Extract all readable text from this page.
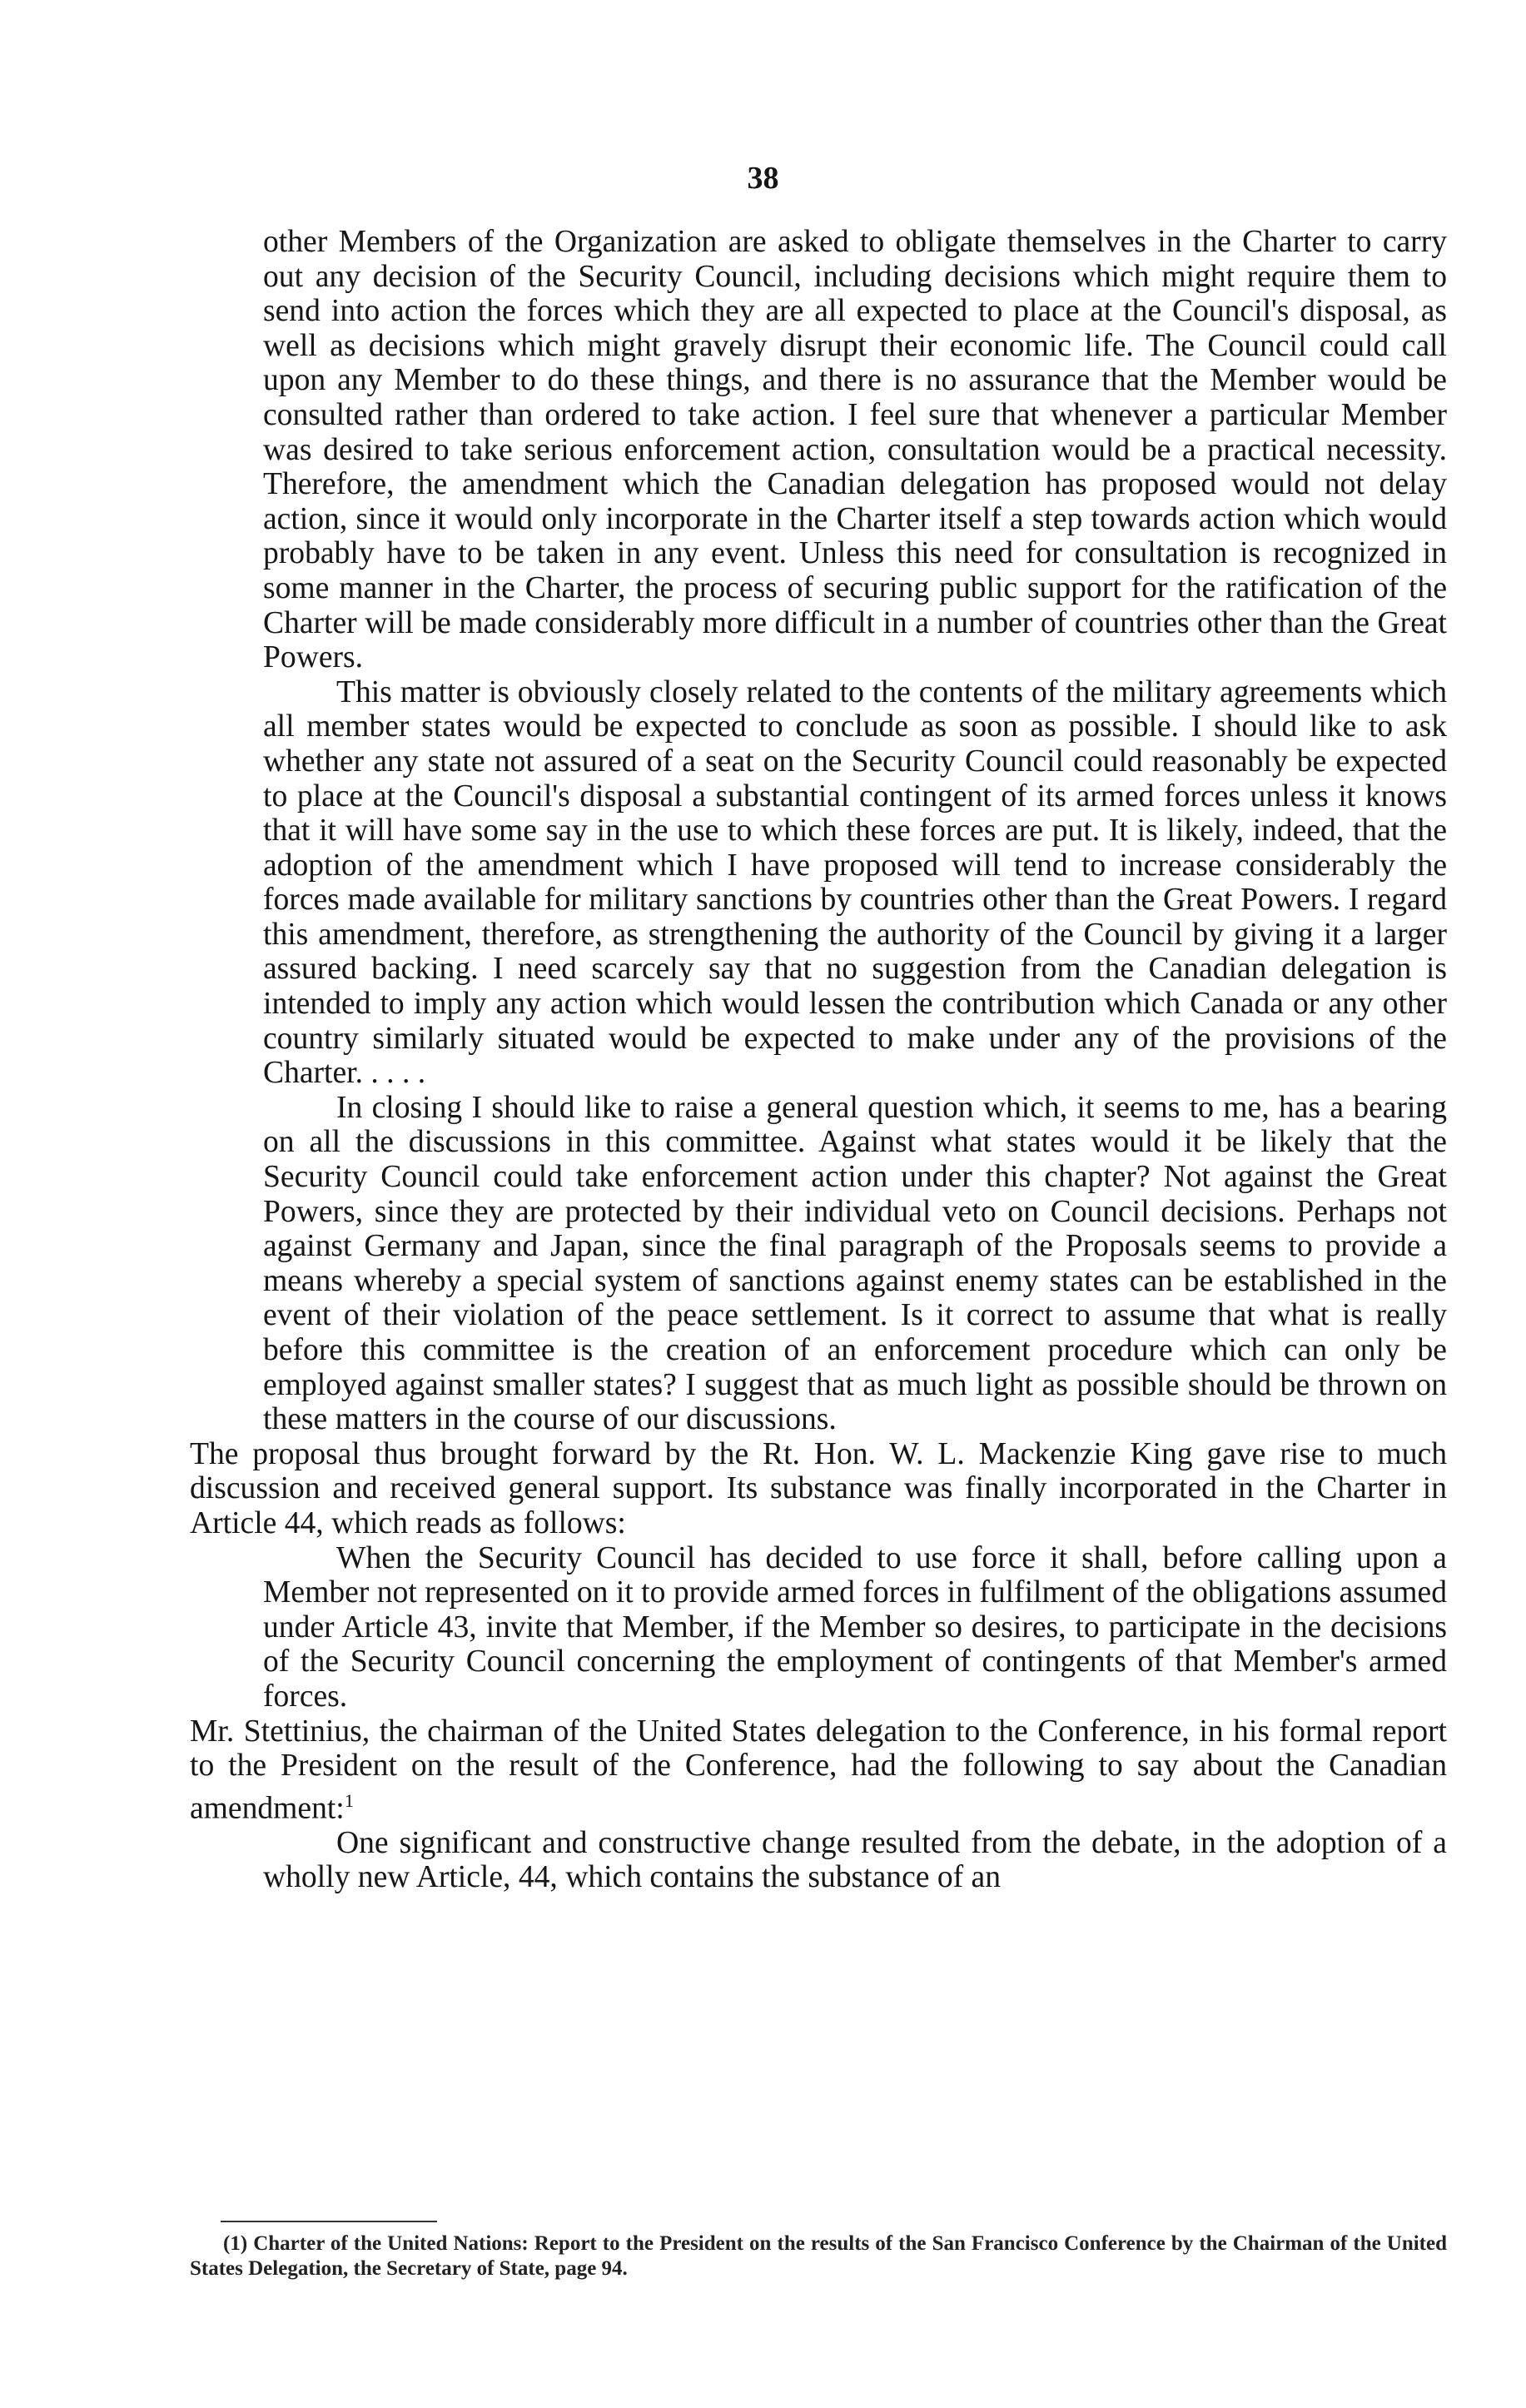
38

other Members of the Organization are asked to obligate themselves in the Charter to carry out any decision of the Security Council, including decisions which might require them to send into action the forces which they are all expected to place at the Council's disposal, as well as decisions which might gravely disrupt their economic life. The Council could call upon any Member to do these things, and there is no assurance that the Member would be consulted rather than ordered to take action. I feel sure that whenever a particular Member was desired to take serious enforcement action, consultation would be a practical necessity. Therefore, the amendment which the Canadian delegation has proposed would not delay action, since it would only incorporate in the Charter itself a step towards action which would probably have to be taken in any event. Unless this need for consultation is recognized in some manner in the Charter, the process of securing public support for the ratification of the Charter will be made considerably more difficult in a number of countries other than the Great Powers.

This matter is obviously closely related to the contents of the military agreements which all member states would be expected to conclude as soon as possible. I should like to ask whether any state not assured of a seat on the Security Council could reasonably be expected to place at the Council's disposal a substantial contingent of its armed forces unless it knows that it will have some say in the use to which these forces are put. It is likely, indeed, that the adoption of the amendment which I have proposed will tend to increase considerably the forces made available for military sanctions by countries other than the Great Powers. I regard this amendment, therefore, as strengthening the authority of the Council by giving it a larger assured backing. I need scarcely say that no suggestion from the Canadian delegation is intended to imply any action which would lessen the contribution which Canada or any other country similarly situated would be expected to make under any of the provisions of the Charter. . . . .

In closing I should like to raise a general question which, it seems to me, has a bearing on all the discussions in this committee. Against what states would it be likely that the Security Council could take enforcement action under this chapter? Not against the Great Powers, since they are protected by their individual veto on Council decisions. Perhaps not against Germany and Japan, since the final paragraph of the Proposals seems to provide a means whereby a special system of sanctions against enemy states can be established in the event of their violation of the peace settlement. Is it correct to assume that what is really before this committee is the creation of an enforcement procedure which can only be employed against smaller states? I suggest that as much light as possible should be thrown on these matters in the course of our discussions.

The proposal thus brought forward by the Rt. Hon. W. L. Mackenzie King gave rise to much discussion and received general support. Its substance was finally incorporated in the Charter in Article 44, which reads as follows:

When the Security Council has decided to use force it shall, before calling upon a Member not represented on it to provide armed forces in fulfilment of the obligations assumed under Article 43, invite that Member, if the Member so desires, to participate in the decisions of the Security Council concerning the employment of contingents of that Member's armed forces.

Mr. Stettinius, the chairman of the United States delegation to the Conference, in his formal report to the President on the result of the Conference, had the following to say about the Canadian amendment:$^1$

One significant and constructive change resulted from the debate, in the adoption of a wholly new Article, 44, which contains the substance of an

(1) Charter of the United Nations: Report to the President on the results of the San Francisco Conference by the Chairman of the United States Delegation, the Secretary of State, page 94.
